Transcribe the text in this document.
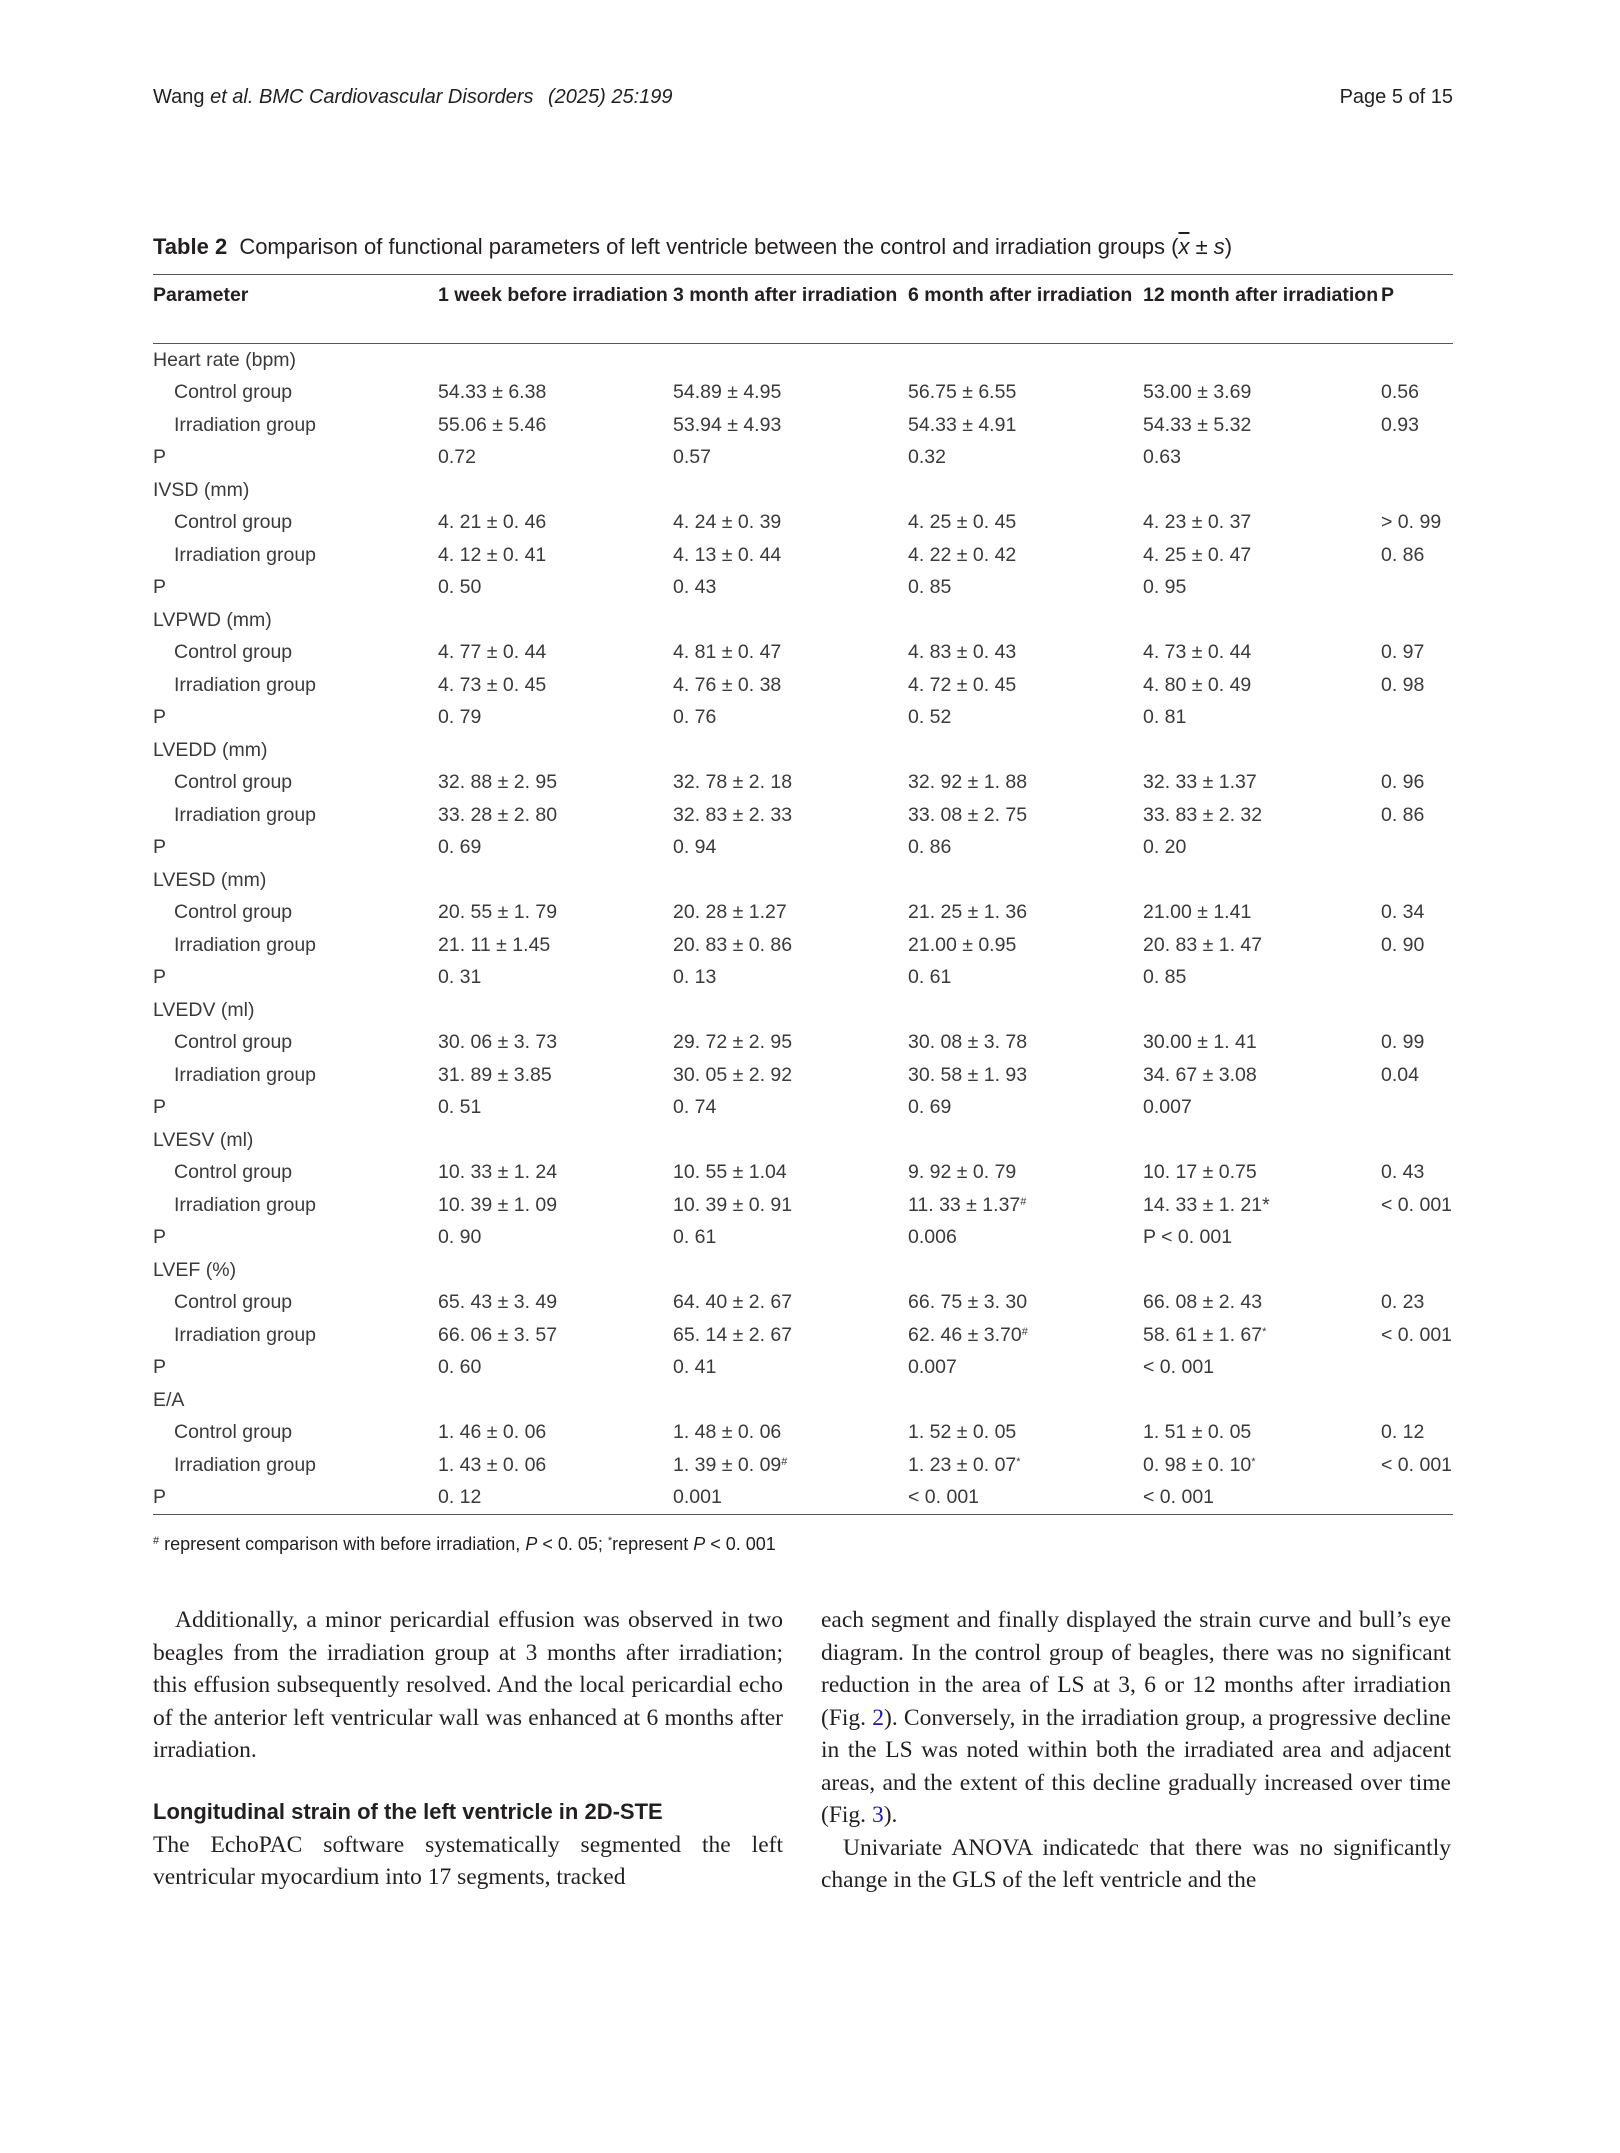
Wang et al. BMC Cardiovascular Disorders (2025) 25:199	Page 5 of 15
Table 2 Comparison of functional parameters of left ventricle between the control and irradiation groups $(\overline{x} \pm s)$
Parameter	1 week before irradiation	3 month after irradiation	6 month after irradiation	12 month after irradiation	P
Heart rate (bpm)					
Control group	54.33 ± 6.38	54.89 ± 4.95	56.75 ± 6.55	53.00 ± 3.69	0.56
Irradiation group	55.06 ± 5.46	53.94 ± 4.93	54.33 ± 4.91	54.33 ± 5.32	0.93
P	0.72	0.57	0.32	0.63	
IVSD (mm)					
Control group	4. 21 ± 0. 46	4. 24 ± 0. 39	4. 25 ± 0. 45	4. 23 ± 0. 37	> 0. 99
Irradiation group	4. 12 ± 0. 41	4. 13 ± 0. 44	4. 22 ± 0. 42	4. 25 ± 0. 47	0. 86
P	0. 50	0. 43	0. 85	0. 95	
LVPWD (mm)					
Control group	4. 77 ± 0. 44	4. 81 ± 0. 47	4. 83 ± 0. 43	4. 73 ± 0. 44	0. 97
Irradiation group	4. 73 ± 0. 45	4. 76 ± 0. 38	4. 72 ± 0. 45	4. 80 ± 0. 49	0. 98
P	0. 79	0. 76	0. 52	0. 81	
LVEDD (mm)					
Control group	32. 88 ± 2. 95	32. 78 ± 2. 18	32. 92 ± 1. 88	32. 33 ± 1.37	0. 96
Irradiation group	33. 28 ± 2. 80	32. 83 ± 2. 33	33. 08 ± 2. 75	33. 83 ± 2. 32	0. 86
P	0. 69	0. 94	0. 86	0. 20	
LVESD (mm)					
Control group	20. 55 ± 1. 79	20. 28 ± 1.27	21. 25 ± 1. 36	21.00 ± 1.41	0. 34
Irradiation group	21. 11 ± 1.45	20. 83 ± 0. 86	21.00 ± 0.95	20. 83 ± 1. 47	0. 90
P	0. 31	0. 13	0. 61	0. 85	
LVEDV (ml)					
Control group	30. 06 ± 3. 73	29. 72 ± 2. 95	30. 08 ± 3. 78	30.00 ± 1. 41	0. 99
Irradiation group	31. 89 ± 3.85	30. 05 ± 2. 92	30. 58 ± 1. 93	34. 67 ± 3.08	0.04
P	0. 51	0. 74	0. 69	0.007	
LVESV (ml)					
Control group	10. 33 ± 1. 24	10. 55 ± 1.04	9. 92 ± 0. 79	10. 17 ± 0.75	0. 43
Irradiation group	10. 39 ± 1. 09	10. 39 ± 0. 91	11. 33 ± 1.37#	14. 33 ± 1. 21*	< 0. 001
P	0. 90	0. 61	0.006	P < 0. 001	
LVEF (%)					
Control group	65. 43 ± 3. 49	64. 40 ± 2. 67	66. 75 ± 3. 30	66. 08 ± 2. 43	0. 23
Irradiation group	66. 06 ± 3. 57	65. 14 ± 2. 67	62. 46 ± 3.70#	58. 61 ± 1. 67*	< 0. 001
P	0. 60	0. 41	0.007	< 0. 001	
E/A					
Control group	1. 46 ± 0. 06	1. 48 ± 0. 06	1. 52 ± 0. 05	1. 51 ± 0. 05	0. 12
Irradiation group	1. 43 ± 0. 06	1. 39 ± 0. 09#	1. 23 ± 0. 07*	0. 98 ± 0. 10*	< 0. 001
P	0. 12	0.001	< 0. 001	< 0. 001	
# represent comparison with before irradiation, P < 0. 05; *represent P < 0. 001

Additionally, a minor pericardial effusion was observed in two beagles from the irradiation group at 3 months after irradiation; this effusion subsequently resolved. And the local pericardial echo of the anterior left ventricular wall was enhanced at 6 months after irradiation.

Longitudinal strain of the left ventricle in 2D-STE

The EchoPAC software systematically segmented the left ventricular myocardium into 17 segments, tracked

each segment and finally displayed the strain curve and bull’s eye diagram. In the control group of beagles, there was no significant reduction in the area of LS at 3, 6 or 12 months after irradiation (Fig. 2). Conversely, in the irradiation group, a progressive decline in the LS was noted within both the irradiated area and adjacent areas, and the extent of this decline gradually increased over time (Fig. 3).

Univariate ANOVA indicatedc that there was no significantly change in the GLS of the left ventricle and the
